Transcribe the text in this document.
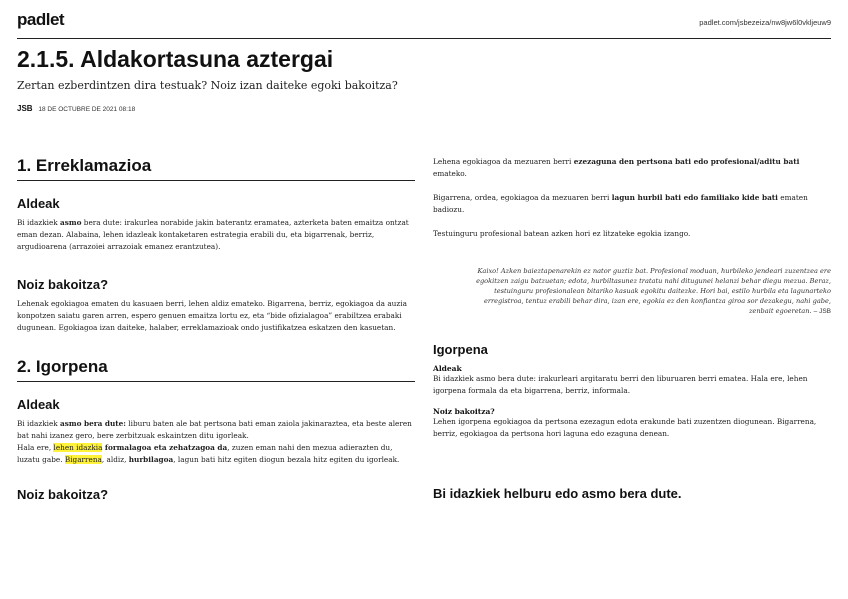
padlet	padlet.com/jsbezeiza/nw8jw6l0vkljeuw9
2.1.5. Aldakortasuna aztergai

Zertan ezberdintzen dira testuak? Noiz izan daiteke egoki bakoitza?

JSB 18 DE OCTUBRE DE 2021 08:18
1. Erreklamazioa
Aldeak

Bi idazkiek asmo bera dute: irakurlea norabide jakin baterantz eramatea, azterketa baten emaitza ontzat eman dezan. Alabaina, lehen idazleak kontaketaren estrategia erabili du, eta bigarrenak, berriz, argudioarena (arrazoiei arrazoiak emanez erantzutea).

Noiz bakoitza?

Lehenak egokiagoa ematen du kasuaen berri, lehen aldiz emateko. Bigarrena, berriz, egokiagoa da auzia konpotzen saiatu garen arren, espero genuen emaitza lortu ez, eta “bide ofizialagoa” erabiltzea erabaki dugunean. Egokiagoa izan daiteke, halaber, erreklamazioak ondo justifikatzea eskatzen den kasuetan.

2. Igorpena
Aldeak

Bi idazkiek asmo bera dute: liburu baten ale bat pertsona bati eman zaiola jakinaraztea, eta beste aleren bat nahi izanez gero, bere zerbitzuak eskaintzen ditu igorleak.
Hala ere, lehen idazkia formalagoa eta zehatzagoa da, zuzen eman nahi den mezua adierazten du, luzatu gabe. Bigarrena, aldiz, hurbilagoa, lagun bati hitz egiten diogun bezala hitz egiten du igorleak.

Noiz bakoitza?

Lehena egokiagoa da mezuaren berri ezezaguna den pertsona bati edo profesional/aditu bati emateko.

Bigarrena, ordea, egokiagoa da mezuaren berri lagun hurbil bati edo familiako kide bati ematen badiozu.

Testuinguru profesional batean azken hori ez litzateke egokia izango.

Kaixo! Azken baieztapenarekin ez nator guztiz bat. Profesional moduan, hurbileko jendeari zuzentzea ere egokitzen zaigu batzuetan; edota, hurbiltasunez tratatu nahi ditugunei helanzi behar diegu mezua. Beraz, testuinguru profesionalean bitariko kasuak egokitu daitezke. Hori bai, estilo hurbila eta lagunarteko erregistroa, tentuz erabili behar dira, izan ere, egokia ez den konfiantza giroa sor dezakegu, nahi gabe, zenbait egoeretan. – JSB

Igorpena

Aldeak

Bi idazkiek asmo bera dute: irakurleari argitaratu berri den liburuaren berri ematea. Hala ere, lehen igorpena formala da eta bigarrena, berriz, informala.

Noiz bakoitza?

Lehen igorpena egokiagoa da pertsona ezezagun edota erakunde bati zuzentzen diogunean. Bigarrena, berriz, egokiagoa da pertsona hori laguna edo ezaguna denean.

Bi idazkiek helburu edo asmo bera dute.
